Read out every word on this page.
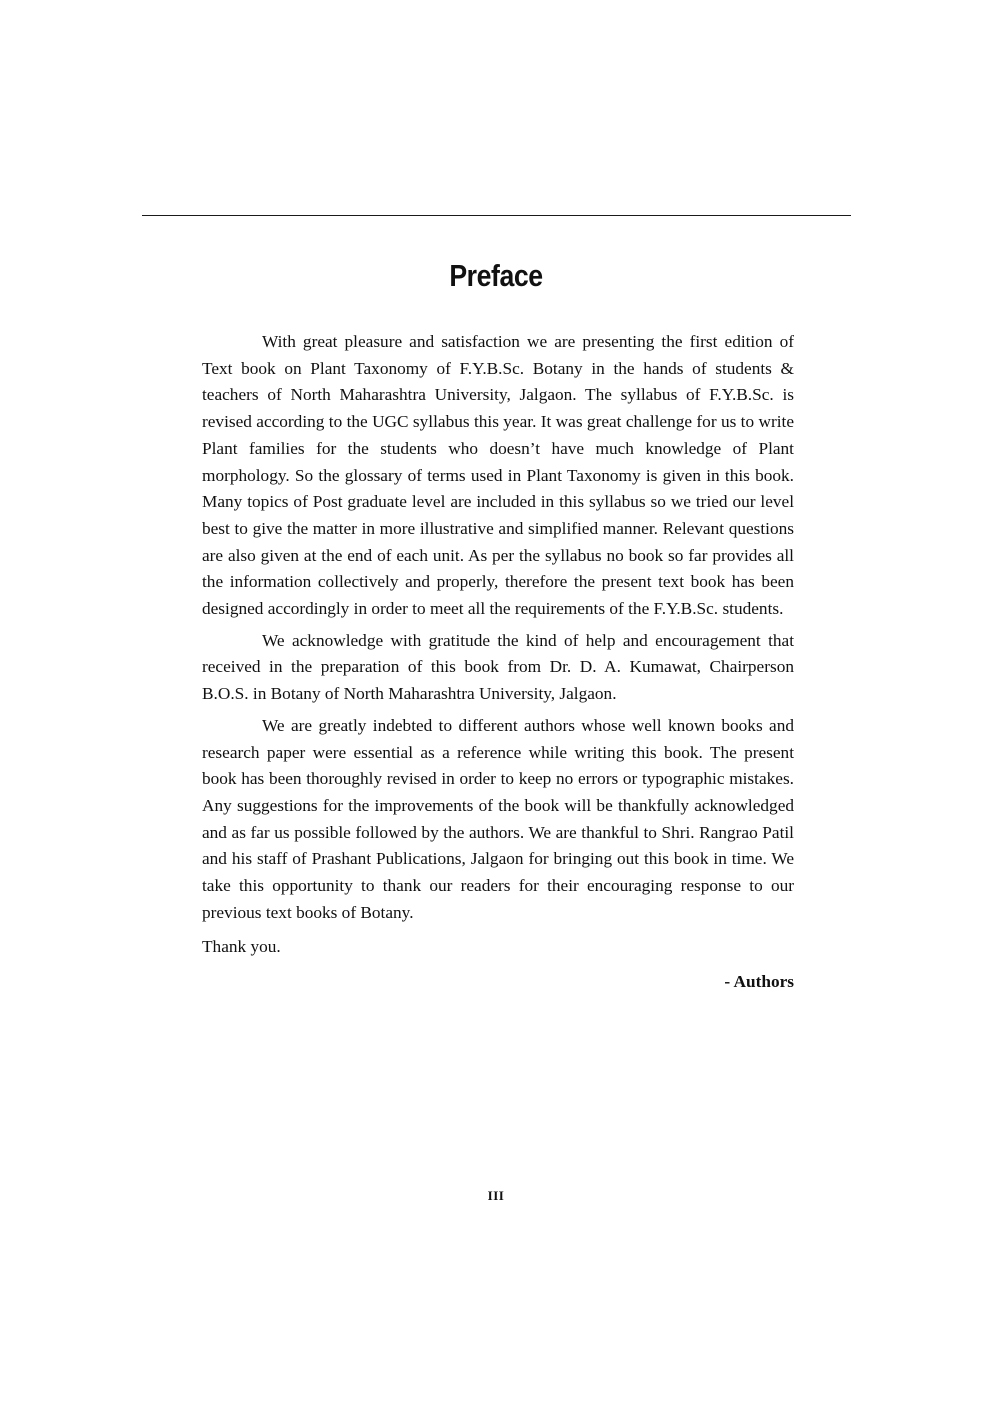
Preface

With great pleasure and satisfaction we are presenting the first edition of Text book on Plant Taxonomy of F.Y.B.Sc. Botany in the hands of students & teachers of North Maharashtra University, Jalgaon. The syllabus of F.Y.B.Sc. is revised according to the UGC syllabus this year. It was great challenge for us to write Plant families for the students who doesn’t have much knowledge of Plant morphology. So the glossary of terms used in Plant Taxonomy is given in this book. Many topics of Post graduate level are included in this syllabus so we tried our level best to give the matter in more illustrative and simplified manner. Relevant questions are also given at the end of each unit. As per the syllabus no book so far provides all the information collectively and properly, therefore the present text book has been designed accordingly in order to meet all the requirements of the F.Y.B.Sc. students.

We acknowledge with gratitude the kind of help and encouragement that received in the preparation of this book from Dr. D. A. Kumawat, Chairperson B.O.S. in Botany of North Maharashtra University, Jalgaon.

We are greatly indebted to different authors whose well known books and research paper were essential as a reference while writing this book. The present book has been thoroughly revised in order to keep no errors or typographic mistakes. Any suggestions for the improvements of the book will be thankfully acknowledged and as far us possible followed by the authors. We are thankful to Shri. Rangrao Patil and his staff of Prashant Publications, Jalgaon for bringing out this book in time. We take this opportunity to thank our readers for their encouraging response to our previous text books of Botany.

Thank you.

- Authors

III
